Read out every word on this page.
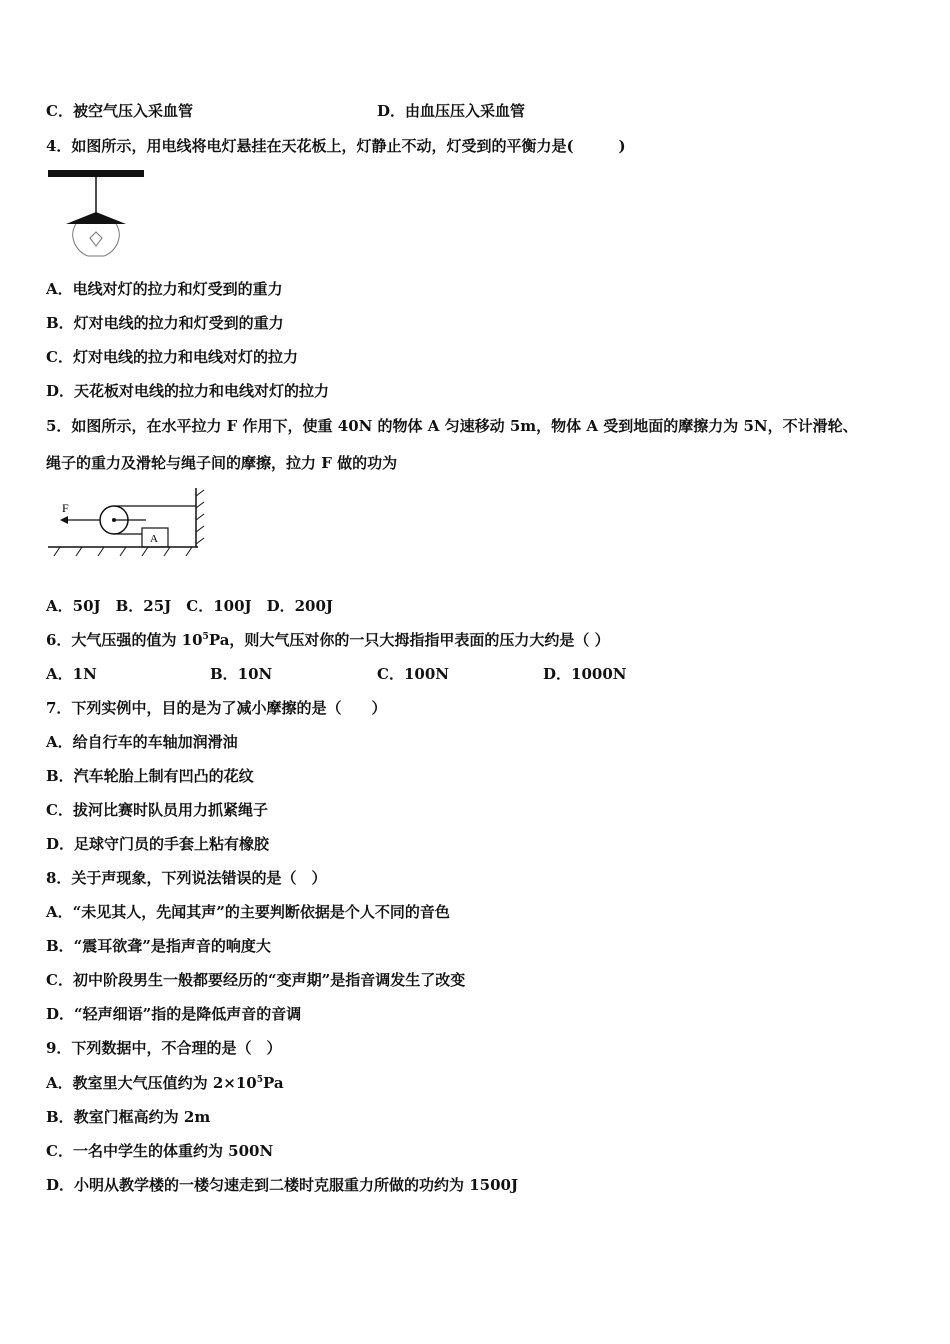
C．被空气压入采血管	D．由血压压入采血管
4．如图所示，用电线将电灯悬挂在天花板上，灯静止不动，灯受到的平衡力是(　　　)
A．电线对灯的拉力和灯受到的重力
B．灯对电线的拉力和灯受到的重力
C．灯对电线的拉力和电线对灯的拉力
D．天花板对电线的拉力和电线对灯的拉力
5．如图所示，在水平拉力 F 作用下，使重 40N 的物体 A 匀速移动 5m，物体 A 受到地面的摩擦力为 5N，不计滑轮、
绳子的重力及滑轮与绳子间的摩擦，拉力 F 做的功为
F
A
A．50J　B．25J　C．100J　D．200J
6．大气压强的值为 $10^5Pa$，则大气压对你的一只大拇指指甲表面的压力大约是（ ）
A．1N	B．10N	C．100N	D．1000N
7．下列实例中，目的是为了减小摩擦的是（　　）
A．给自行车的车轴加润滑油
B．汽车轮胎上制有凹凸的花纹
C．拔河比赛时队员用力抓紧绳子
D．足球守门员的手套上粘有橡胶
8．关于声现象，下列说法错误的是（　）
A．“未见其人，先闻其声”的主要判断依据是个人不同的音色
B．“震耳欲聋”是指声音的响度大
C．初中阶段男生一般都要经历的“变声期”是指音调发生了改变
D．“轻声细语”指的是降低声音的音调
9．下列数据中，不合理的是（　）
A．教室里大气压值约为 $2\times 10^5Pa$
B．教室门框高约为 2m
C．一名中学生的体重约为 500N
D．小明从教学楼的一楼匀速走到二楼时克服重力所做的功约为 1500J
